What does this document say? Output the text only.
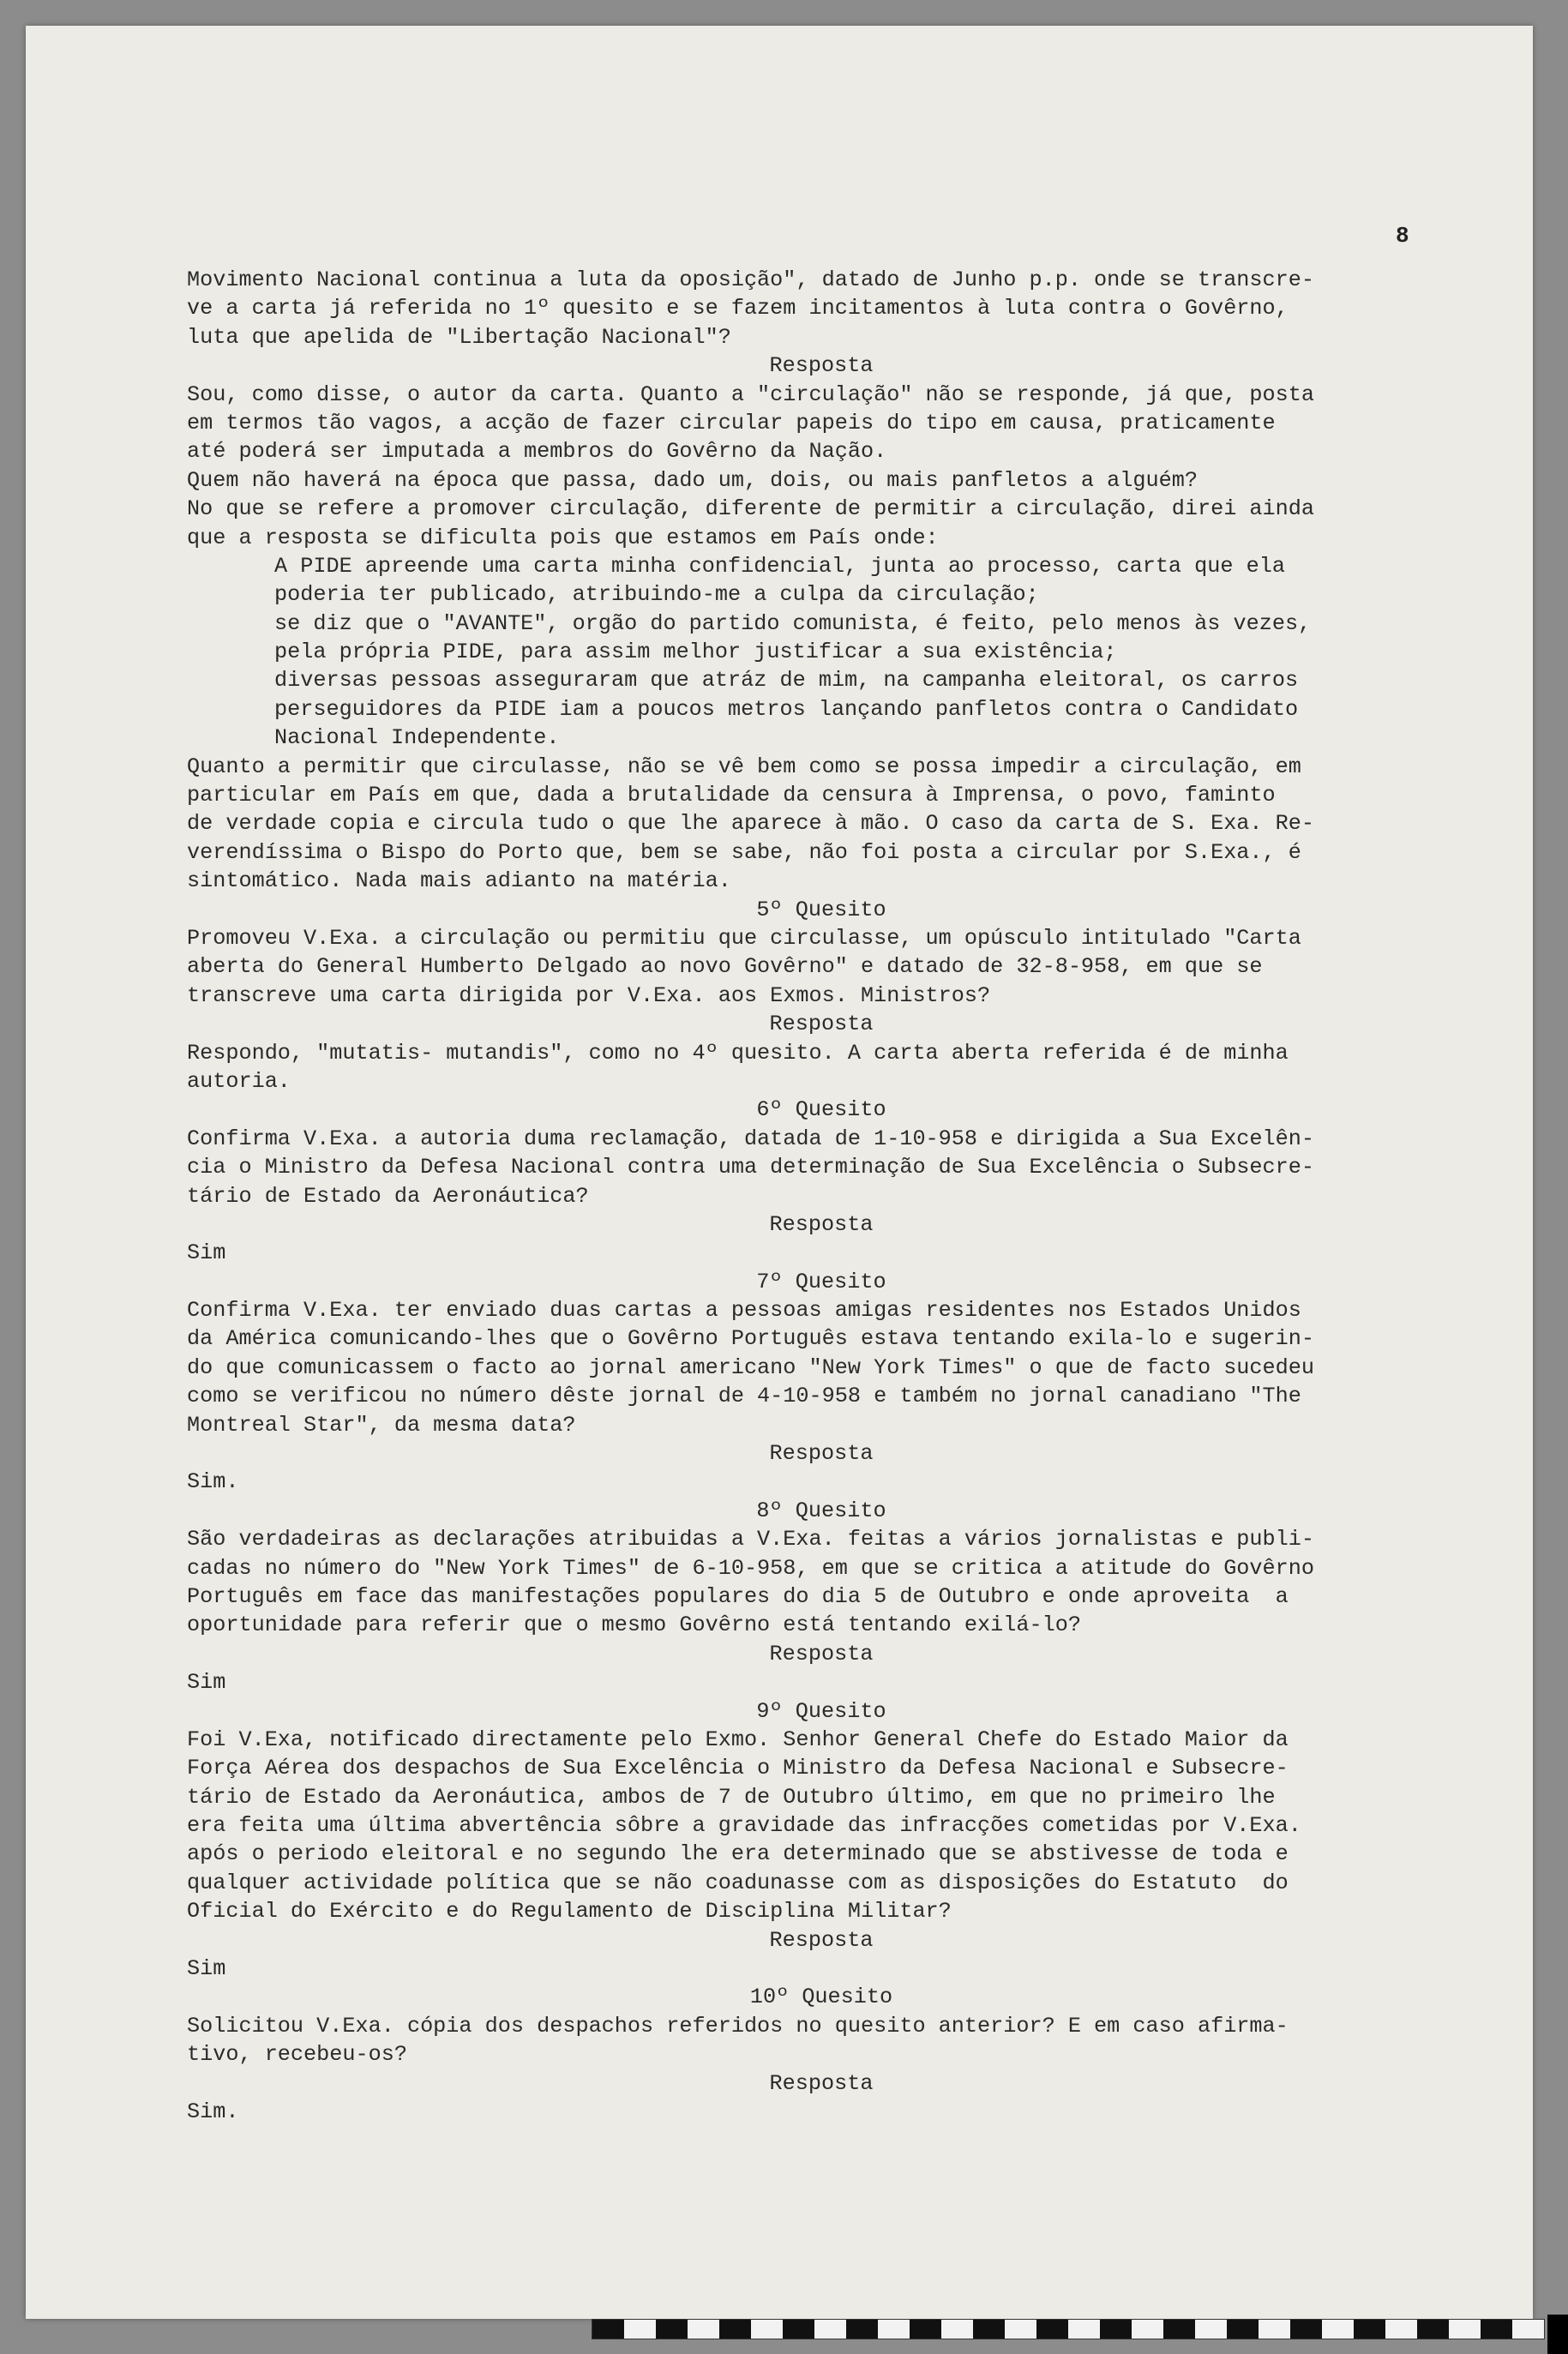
8
Movimento Nacional continua a luta da oposição", datado de Junho p.p. onde se transcre-
ve a carta já referida no 1º quesito e se fazem incitamentos à luta contra o Govêrno,
luta que apelida de "Libertação Nacional"?
Resposta
Sou, como disse, o autor da carta. Quanto a "circulação" não se responde, já que, posta
em termos tão vagos, a acção de fazer circular papeis do tipo em causa, praticamente
até poderá ser imputada a membros do Govêrno da Nação.
Quem não haverá na época que passa, dado um, dois, ou mais panfletos a alguém?
No que se refere a promover circulação, diferente de permitir a circulação, direi ainda
que a resposta se dificulta pois que estamos em País onde:
A PIDE apreende uma carta minha confidencial, junta ao processo, carta que ela
poderia ter publicado, atribuindo-me a culpa da circulação;
se diz que o "AVANTE", orgão do partido comunista, é feito, pelo menos às vezes,
pela própria PIDE, para assim melhor justificar a sua existência;
diversas pessoas asseguraram que atráz de mim, na campanha eleitoral, os carros
perseguidores da PIDE iam a poucos metros lançando panfletos contra o Candidato
Nacional Independente.
Quanto a permitir que circulasse, não se vê bem como se possa impedir a circulação, em
particular em País em que, dada a brutalidade da censura à Imprensa, o povo, faminto
de verdade copia e circula tudo o que lhe aparece à mão. O caso da carta de S. Exa. Re-
verendíssima o Bispo do Porto que, bem se sabe, não foi posta a circular por S.Exa., é
sintomático. Nada mais adianto na matéria.
5º Quesito
Promoveu V.Exa. a circulação ou permitiu que circulasse, um opúsculo intitulado "Carta
aberta do General Humberto Delgado ao novo Govêrno" e datado de 32-8-958, em que se
transcreve uma carta dirigida por V.Exa. aos Exmos. Ministros?
Resposta
Respondo, "mutatis- mutandis", como no 4º quesito. A carta aberta referida é de minha
autoria.
6º Quesito
Confirma V.Exa. a autoria duma reclamação, datada de 1-10-958 e dirigida a Sua Excelên-
cia o Ministro da Defesa Nacional contra uma determinação de Sua Excelência o Subsecre-
tário de Estado da Aeronáutica?
Resposta
Sim
7º Quesito
Confirma V.Exa. ter enviado duas cartas a pessoas amigas residentes nos Estados Unidos
da América comunicando-lhes que o Govêrno Português estava tentando exila-lo e sugerin-
do que comunicassem o facto ao jornal americano "New York Times" o que de facto sucedeu
como se verificou no número dêste jornal de 4-10-958 e também no jornal canadiano "The
Montreal Star", da mesma data?
Resposta
Sim.
8º Quesito
São verdadeiras as declarações atribuidas a V.Exa. feitas a vários jornalistas e publi-
cadas no número do "New York Times" de 6-10-958, em que se critica a atitude do Govêrno
Português em face das manifestações populares do dia 5 de Outubro e onde aproveita  a
oportunidade para referir que o mesmo Govêrno está tentando exilá-lo?
Resposta
Sim
9º Quesito
Foi V.Exa, notificado directamente pelo Exmo. Senhor General Chefe do Estado Maior da
Força Aérea dos despachos de Sua Excelência o Ministro da Defesa Nacional e Subsecre-
tário de Estado da Aeronáutica, ambos de 7 de Outubro último, em que no primeiro lhe
era feita uma última abvertência sôbre a gravidade das infracções cometidas por V.Exa.
após o periodo eleitoral e no segundo lhe era determinado que se abstivesse de toda e
qualquer actividade política que se não coadunasse com as disposições do Estatuto  do
Oficial do Exército e do Regulamento de Disciplina Militar?
Resposta
Sim
10º Quesito
Solicitou V.Exa. cópia dos despachos referidos no quesito anterior? E em caso afirma-
tivo, recebeu-os?
Resposta
Sim.
